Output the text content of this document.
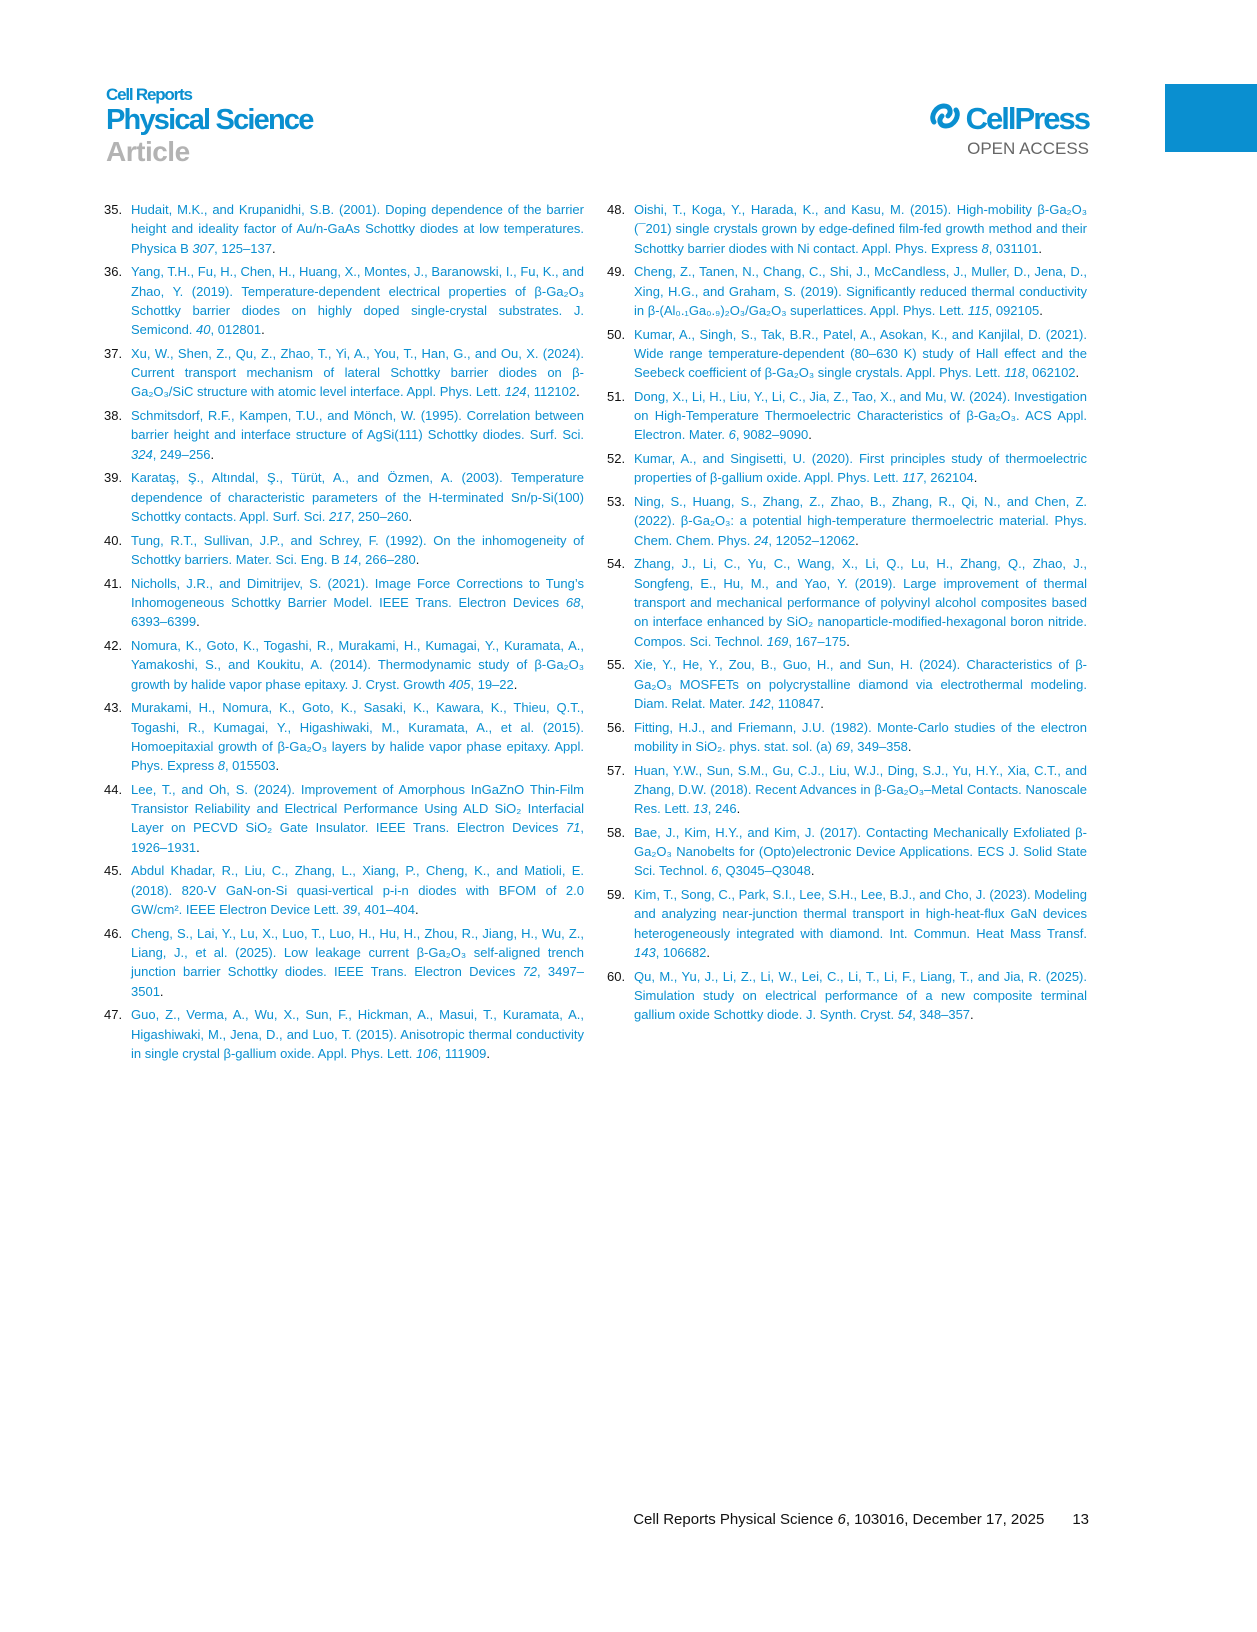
Cell Reports
Physical Science
Article
CellPress
OPEN ACCESS
35. Hudait, M.K., and Krupanidhi, S.B. (2001). Doping dependence of the barrier height and ideality factor of Au/n-GaAs Schottky diodes at low temperatures. Physica B 307, 125–137.
36. Yang, T.H., Fu, H., Chen, H., Huang, X., Montes, J., Baranowski, I., Fu, K., and Zhao, Y. (2019). Temperature-dependent electrical properties of β-Ga₂O₃ Schottky barrier diodes on highly doped single-crystal substrates. J. Semicond. 40, 012801.
37. Xu, W., Shen, Z., Qu, Z., Zhao, T., Yi, A., You, T., Han, G., and Ou, X. (2024). Current transport mechanism of lateral Schottky barrier diodes on β-Ga₂O₃/SiC structure with atomic level interface. Appl. Phys. Lett. 124, 112102.
38. Schmitsdorf, R.F., Kampen, T.U., and Mönch, W. (1995). Correlation between barrier height and interface structure of AgSi(111) Schottky diodes. Surf. Sci. 324, 249–256.
39. Karataş, Ş., Altındal, Ş., Türüt, A., and Özmen, A. (2003). Temperature dependence of characteristic parameters of the H-terminated Sn/p-Si(100) Schottky contacts. Appl. Surf. Sci. 217, 250–260.
40. Tung, R.T., Sullivan, J.P., and Schrey, F. (1992). On the inhomogeneity of Schottky barriers. Mater. Sci. Eng. B 14, 266–280.
41. Nicholls, J.R., and Dimitrijev, S. (2021). Image Force Corrections to Tung’s Inhomogeneous Schottky Barrier Model. IEEE Trans. Electron Devices 68, 6393–6399.
42. Nomura, K., Goto, K., Togashi, R., Murakami, H., Kumagai, Y., Kuramata, A., Yamakoshi, S., and Koukitu, A. (2014). Thermodynamic study of β-Ga₂O₃ growth by halide vapor phase epitaxy. J. Cryst. Growth 405, 19–22.
43. Murakami, H., Nomura, K., Goto, K., Sasaki, K., Kawara, K., Thieu, Q.T., Togashi, R., Kumagai, Y., Higashiwaki, M., Kuramata, A., et al. (2015). Homoepitaxial growth of β-Ga₂O₃ layers by halide vapor phase epitaxy. Appl. Phys. Express 8, 015503.
44. Lee, T., and Oh, S. (2024). Improvement of Amorphous InGaZnO Thin-Film Transistor Reliability and Electrical Performance Using ALD SiO₂ Interfacial Layer on PECVD SiO₂ Gate Insulator. IEEE Trans. Electron Devices 71, 1926–1931.
45. Abdul Khadar, R., Liu, C., Zhang, L., Xiang, P., Cheng, K., and Matioli, E. (2018). 820-V GaN-on-Si quasi-vertical p-i-n diodes with BFOM of 2.0 GW/cm². IEEE Electron Device Lett. 39, 401–404.
46. Cheng, S., Lai, Y., Lu, X., Luo, T., Luo, H., Hu, H., Zhou, R., Jiang, H., Wu, Z., Liang, J., et al. (2025). Low leakage current β-Ga₂O₃ self-aligned trench junction barrier Schottky diodes. IEEE Trans. Electron Devices 72, 3497–3501.
47. Guo, Z., Verma, A., Wu, X., Sun, F., Hickman, A., Masui, T., Kuramata, A., Higashiwaki, M., Jena, D., and Luo, T. (2015). Anisotropic thermal conductivity in single crystal β-gallium oxide. Appl. Phys. Lett. 106, 111909.
48. Oishi, T., Koga, Y., Harada, K., and Kasu, M. (2015). High-mobility β-Ga₂O₃ (¯201) single crystals grown by edge-defined film-fed growth method and their Schottky barrier diodes with Ni contact. Appl. Phys. Express 8, 031101.
49. Cheng, Z., Tanen, N., Chang, C., Shi, J., McCandless, J., Muller, D., Jena, D., Xing, H.G., and Graham, S. (2019). Significantly reduced thermal conductivity in β-(Al₀.₁Ga₀.₉)₂O₃/Ga₂O₃ superlattices. Appl. Phys. Lett. 115, 092105.
50. Kumar, A., Singh, S., Tak, B.R., Patel, A., Asokan, K., and Kanjilal, D. (2021). Wide range temperature-dependent (80–630 K) study of Hall effect and the Seebeck coefficient of β-Ga₂O₃ single crystals. Appl. Phys. Lett. 118, 062102.
51. Dong, X., Li, H., Liu, Y., Li, C., Jia, Z., Tao, X., and Mu, W. (2024). Investigation on High-Temperature Thermoelectric Characteristics of β-Ga₂O₃. ACS Appl. Electron. Mater. 6, 9082–9090.
52. Kumar, A., and Singisetti, U. (2020). First principles study of thermoelectric properties of β-gallium oxide. Appl. Phys. Lett. 117, 262104.
53. Ning, S., Huang, S., Zhang, Z., Zhao, B., Zhang, R., Qi, N., and Chen, Z. (2022). β-Ga₂O₃: a potential high-temperature thermoelectric material. Phys. Chem. Chem. Phys. 24, 12052–12062.
54. Zhang, J., Li, C., Yu, C., Wang, X., Li, Q., Lu, H., Zhang, Q., Zhao, J., Songfeng, E., Hu, M., and Yao, Y. (2019). Large improvement of thermal transport and mechanical performance of polyvinyl alcohol composites based on interface enhanced by SiO₂ nanoparticle-modified-hexagonal boron nitride. Compos. Sci. Technol. 169, 167–175.
55. Xie, Y., He, Y., Zou, B., Guo, H., and Sun, H. (2024). Characteristics of β-Ga₂O₃ MOSFETs on polycrystalline diamond via electrothermal modeling. Diam. Relat. Mater. 142, 110847.
56. Fitting, H.J., and Friemann, J.U. (1982). Monte-Carlo studies of the electron mobility in SiO₂. phys. stat. sol. (a) 69, 349–358.
57. Huan, Y.W., Sun, S.M., Gu, C.J., Liu, W.J., Ding, S.J., Yu, H.Y., Xia, C.T., and Zhang, D.W. (2018). Recent Advances in β-Ga₂O₃–Metal Contacts. Nanoscale Res. Lett. 13, 246.
58. Bae, J., Kim, H.Y., and Kim, J. (2017). Contacting Mechanically Exfoliated β-Ga₂O₃ Nanobelts for (Opto)electronic Device Applications. ECS J. Solid State Sci. Technol. 6, Q3045–Q3048.
59. Kim, T., Song, C., Park, S.I., Lee, S.H., Lee, B.J., and Cho, J. (2023). Modeling and analyzing near-junction thermal transport in high-heat-flux GaN devices heterogeneously integrated with diamond. Int. Commun. Heat Mass Transf. 143, 106682.
60. Qu, M., Yu, J., Li, Z., Li, W., Lei, C., Li, T., Li, F., Liang, T., and Jia, R. (2025). Simulation study on electrical performance of a new composite terminal gallium oxide Schottky diode. J. Synth. Cryst. 54, 348–357.
Cell Reports Physical Science 6, 103016, December 17, 2025 13
